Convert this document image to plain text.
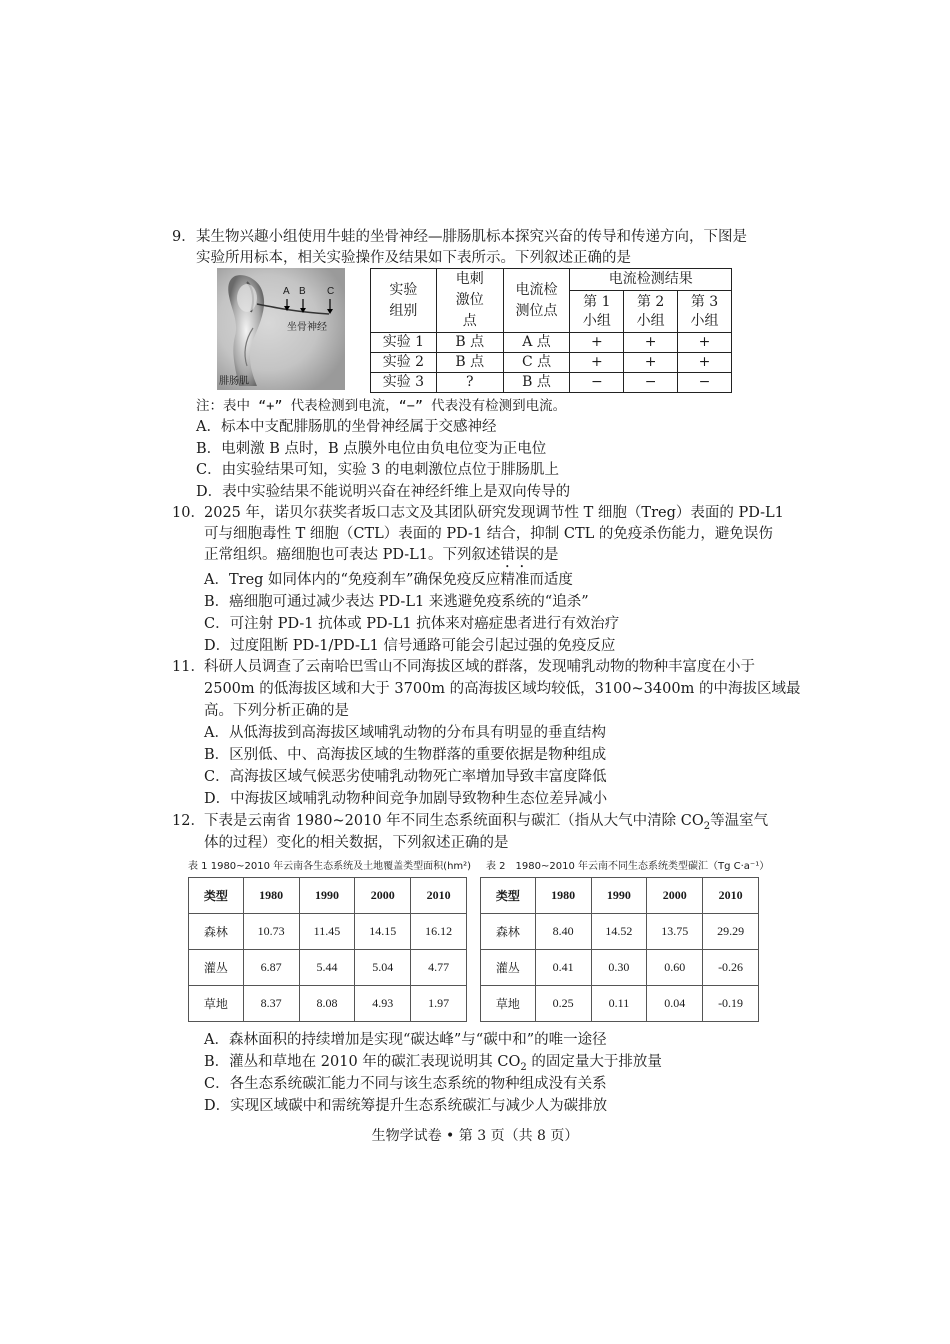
9． 某生物兴趣小组使用牛蛙的坐骨神经—腓肠肌标本探究兴奋的传导和传递方向，下图是
实验所用标本，相关实验操作及结果如下表所示。下列叙述正确的是
A B C
坐骨神经
腓肠肌
实验组别	电刺激位点	电流检测位点	电流检测结果		
			第 1 小组	第 2 小组	第 3 小组
实验 1	B 点	A 点	+	+	+
实验 2	B 点	C 点	+	+	+
实验 3	?	B 点	−	−	−
注：表中 “+” 代表检测到电流，“−” 代表没有检测到电流。
A．标本中支配腓肠肌的坐骨神经属于交感神经
B．电刺激 B 点时，B 点膜外电位由负电位变为正电位
C．由实验结果可知，实验 3 的电刺激位点位于腓肠肌上
D．表中实验结果不能说明兴奋在神经纤维上是双向传导的
10． 2025 年，诺贝尔获奖者坂口志文及其团队研究发现调节性 T 细胞（Treg）表面的 PD-L1
可与细胞毒性 T 细胞（CTL）表面的 PD-1 结合，抑制 CTL 的免疫杀伤能力，避免误伤
正常组织。癌细胞也可表达 PD-L1。下列叙述错误的是
A．Treg 如同体内的“免疫刹车”确保免疫反应精准而适度
B．癌细胞可通过减少表达 PD-L1 来逃避免疫系统的“追杀”
C．可注射 PD-1 抗体或 PD-L1 抗体来对癌症患者进行有效治疗
D．过度阻断 PD-1/PD-L1 信号通路可能会引起过强的免疫反应
11． 科研人员调查了云南哈巴雪山不同海拔区域的群落，发现哺乳动物的物种丰富度在小于
2500m 的低海拔区域和大于 3700m 的高海拔区域均较低，3100~3400m 的中海拔区域最
高。下列分析正确的是
A．从低海拔到高海拔区域哺乳动物的分布具有明显的垂直结构
B．区别低、中、高海拔区域的生物群落的重要依据是物种组成
C．高海拔区域气候恶劣使哺乳动物死亡率增加导致丰富度降低
D．中海拔区域哺乳动物种间竞争加剧导致物种生态位差异减小
12． 下表是云南省 1980~2010 年不同生态系统面积与碳汇（指从大气中清除 $CO_2$等温室气
体的过程）变化的相关数据，下列叙述正确的是
表 1 1980~2010 年云南各生态系统及土地覆盖类型面积(hm²) 表 2　1980~2010 年云南不同生态系统类型碳汇（Tg C·a⁻¹）
类型	1980	1990	2000	2010
森林	10.73	11.45	14.15	16.12
灌丛	6.87	5.44	5.04	4.77
草地	8.37	8.08	4.93	1.97
类型	1980	1990	2000	2010
森林	8.40	14.52	13.75	29.29
灌丛	0.41	0.30	0.60	-0.26
草地	0.25	0.11	0.04	-0.19
A．森林面积的持续增加是实现“碳达峰”与“碳中和”的唯一途径
B．灌丛和草地在 2010 年的碳汇表现说明其 $CO_2$ 的固定量大于排放量
C．各生态系统碳汇能力不同与该生态系统的物种组成没有关系
D．实现区域碳中和需统筹提升生态系统碳汇与减少人为碳排放
生物学试卷 • 第 3 页（共 8 页）
